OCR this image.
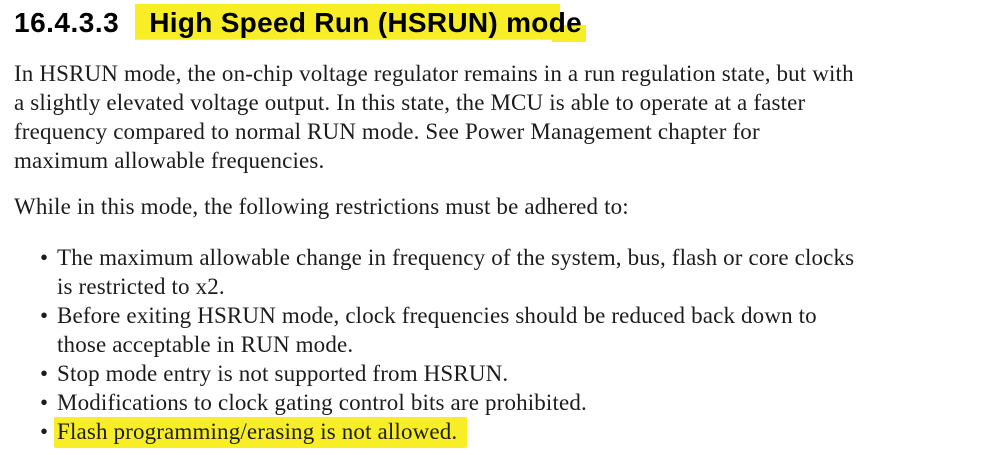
16.4.3.3 High Speed Run (HSRUN) mode
In HSRUN mode, the on-chip voltage regulator remains in a run regulation state, but with
a slightly elevated voltage output. In this state, the MCU is able to operate at a faster
frequency compared to normal RUN mode. See Power Management chapter for
maximum allowable frequencies.
While in this mode, the following restrictions must be adhered to:
• The maximum allowable change in frequency of the system, bus, flash or core clocks
is restricted to x2.
• Before exiting HSRUN mode, clock frequencies should be reduced back down to
those acceptable in RUN mode.
• Stop mode entry is not supported from HSRUN.
• Modifications to clock gating control bits are prohibited.
• Flash programming/erasing is not allowed.
